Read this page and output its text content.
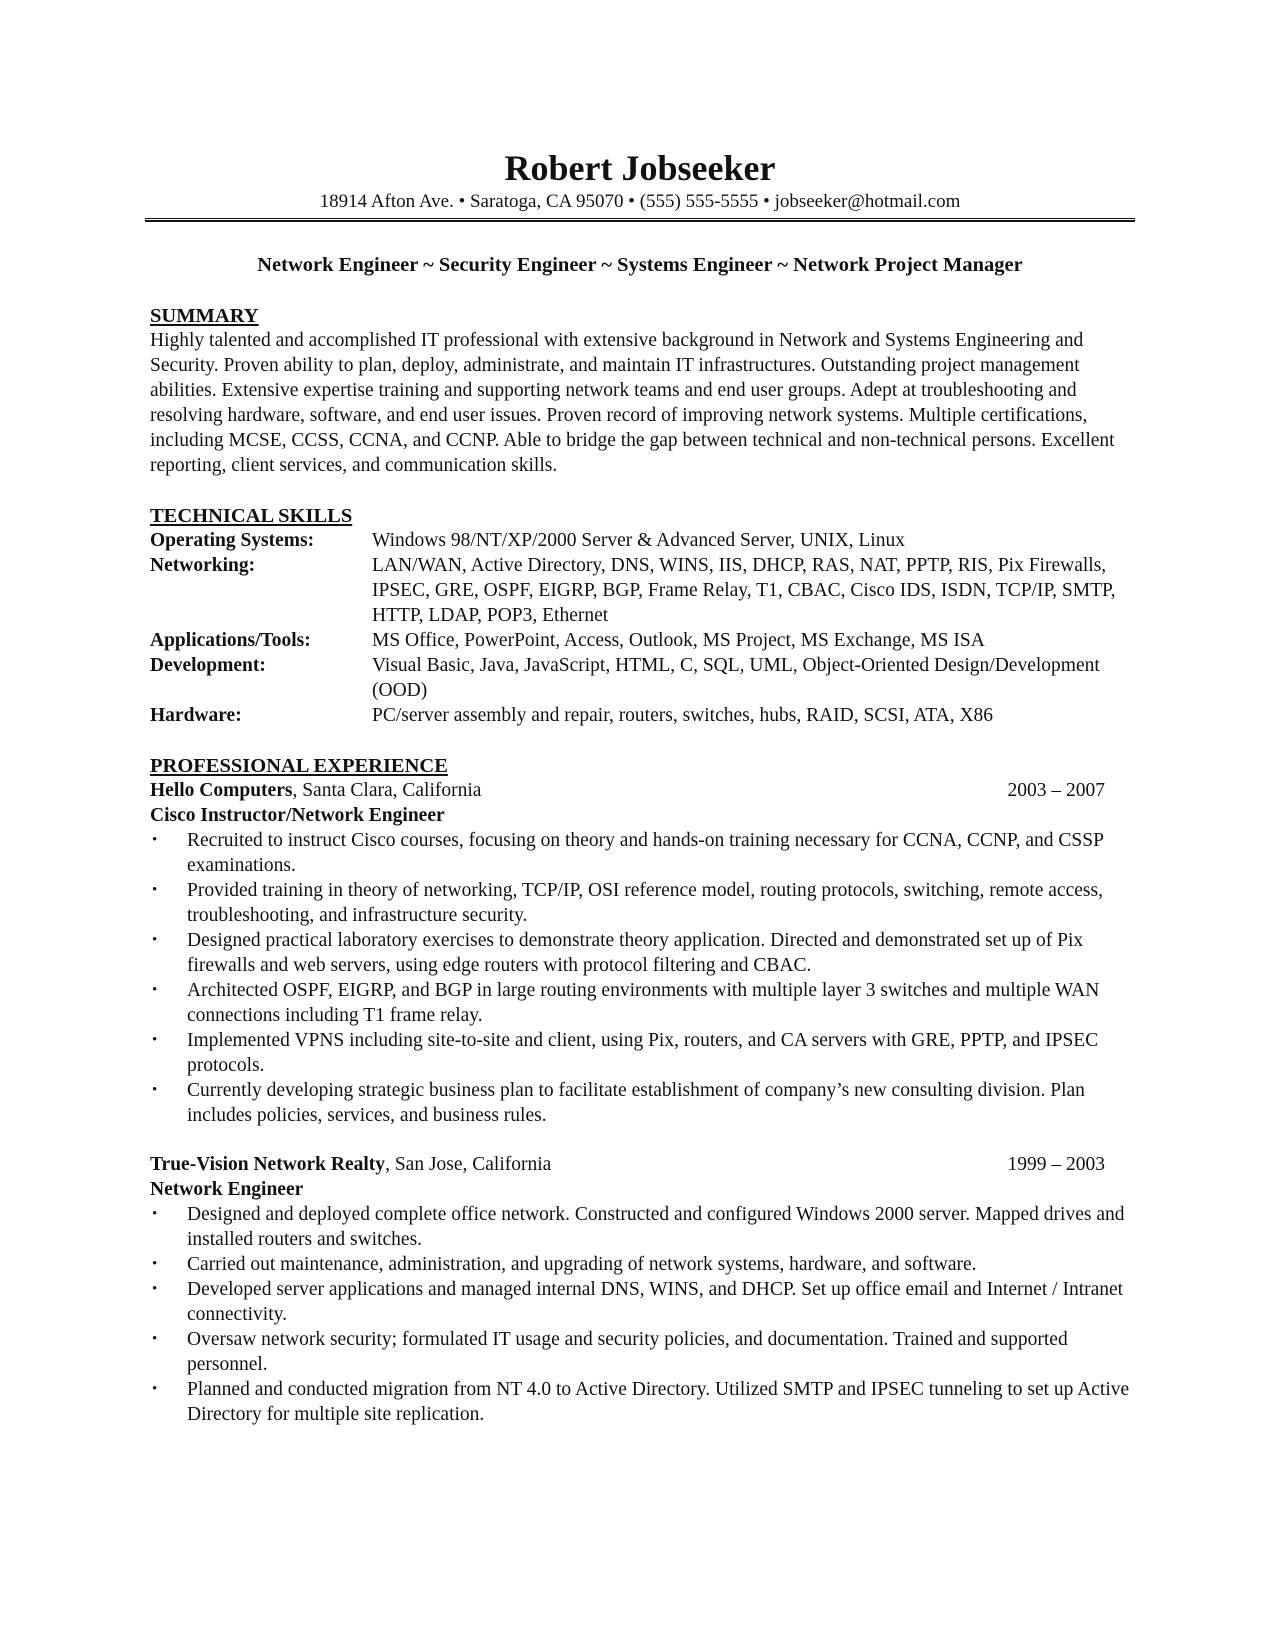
Robert Jobseeker
18914 Afton Ave. • Saratoga, CA 95070 • (555) 555-5555 • jobseeker@hotmail.com
Network Engineer ~ Security Engineer ~ Systems Engineer ~ Network Project Manager
SUMMARY

Highly talented and accomplished IT professional with extensive background in Network and Systems Engineering and Security. Proven ability to plan, deploy, administrate, and maintain IT infrastructures. Outstanding project management abilities. Extensive expertise training and supporting network teams and end user groups. Adept at troubleshooting and resolving hardware, software, and end user issues. Proven record of improving network systems. Multiple certifications, including MCSE, CCSS, CCNA, and CCNP. Able to bridge the gap between technical and non-technical persons. Excellent reporting, client services, and communication skills.

TECHNICAL SKILLS
Operating Systems:	Windows 98/NT/XP/2000 Server & Advanced Server, UNIX, Linux
Networking:	LAN/WAN, Active Directory, DNS, WINS, IIS, DHCP, RAS, NAT, PPTP, RIS, Pix Firewalls, IPSEC, GRE, OSPF, EIGRP, BGP, Frame Relay, T1, CBAC, Cisco IDS, ISDN, TCP/IP, SMTP, HTTP, LDAP, POP3, Ethernet
Applications/Tools:	MS Office, PowerPoint, Access, Outlook, MS Project, MS Exchange, MS ISA
Development:	Visual Basic, Java, JavaScript, HTML, C, SQL, UML, Object-Oriented Design/Development (OOD)
Hardware:	PC/server assembly and repair, routers, switches, hubs, RAID, SCSI, ATA, X86
PROFESSIONAL EXPERIENCE
Hello Computers, Santa Clara, California	2003 – 2007
Cisco Instructor/Network Engineer
• Recruited to instruct Cisco courses, focusing on theory and hands-on training necessary for CCNA, CCNP, and CSSP examinations.
• Provided training in theory of networking, TCP/IP, OSI reference model, routing protocols, switching, remote access, troubleshooting, and infrastructure security.
• Designed practical laboratory exercises to demonstrate theory application. Directed and demonstrated set up of Pix firewalls and web servers, using edge routers with protocol filtering and CBAC.
• Architected OSPF, EIGRP, and BGP in large routing environments with multiple layer 3 switches and multiple WAN connections including T1 frame relay.
• Implemented VPNS including site-to-site and client, using Pix, routers, and CA servers with GRE, PPTP, and IPSEC protocols.
• Currently developing strategic business plan to facilitate establishment of company’s new consulting division. Plan includes policies, services, and business rules.
True-Vision Network Realty, San Jose, California	1999 – 2003
Network Engineer
• Designed and deployed complete office network. Constructed and configured Windows 2000 server. Mapped drives and installed routers and switches.
• Carried out maintenance, administration, and upgrading of network systems, hardware, and software.
• Developed server applications and managed internal DNS, WINS, and DHCP. Set up office email and Internet / Intranet connectivity.
• Oversaw network security; formulated IT usage and security policies, and documentation. Trained and supported personnel.
• Planned and conducted migration from NT 4.0 to Active Directory. Utilized SMTP and IPSEC tunneling to set up Active Directory for multiple site replication.
